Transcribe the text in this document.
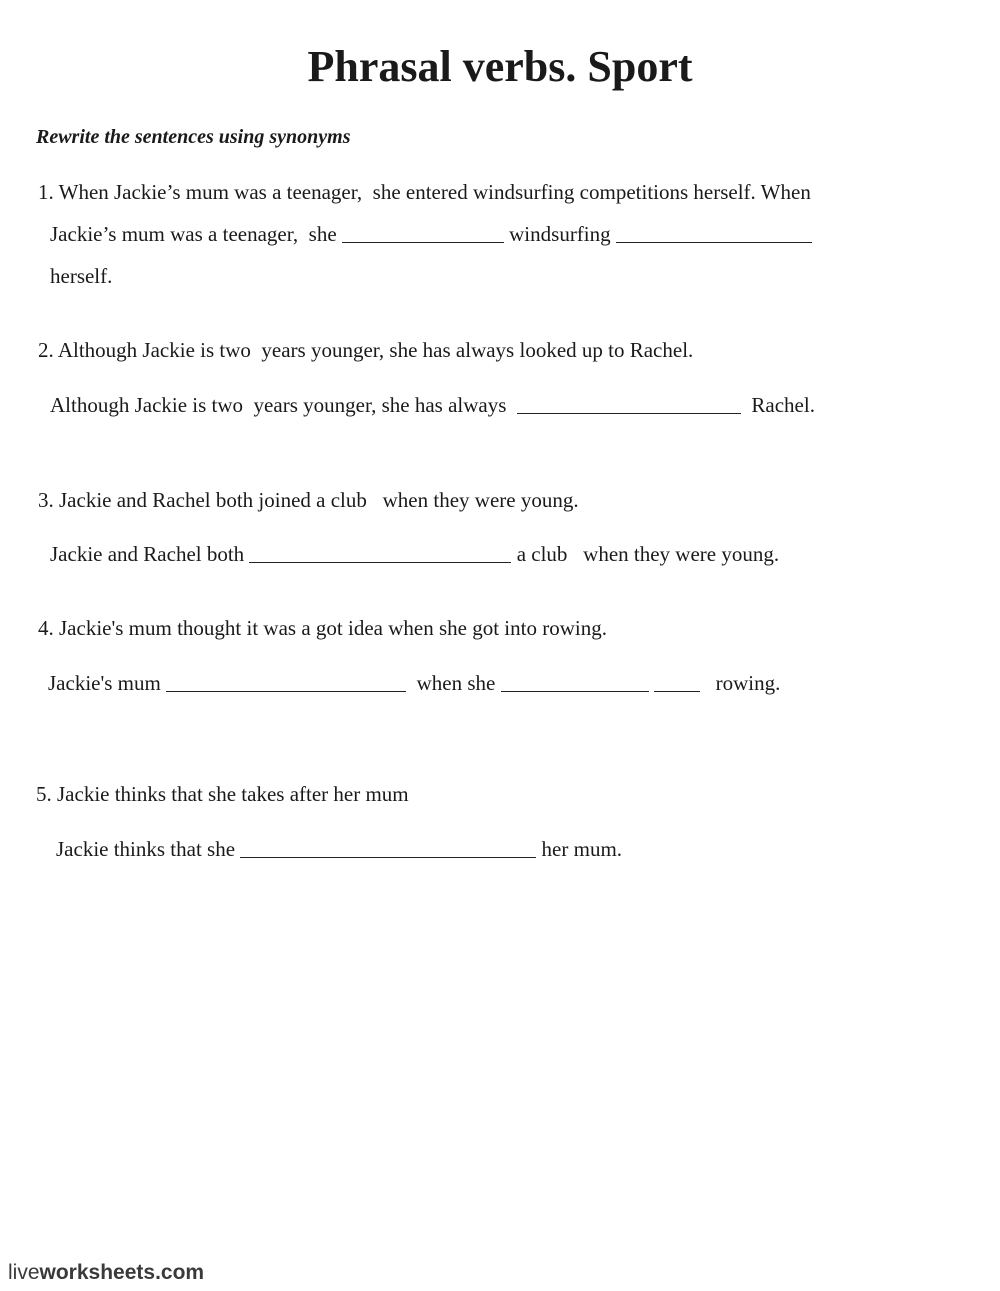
Phrasal verbs. Sport
Rewrite the sentences using synonyms
1. When Jackie’s mum was a teenager,  she entered windsurfing competitions herself. When
Jackie’s mum was a teenager,  she	windsurfing
herself.
2. Although Jackie is two  years younger, she has always looked up to Rachel.
Although Jackie is two  years younger, she has always	Rachel.
3. Jackie and Rachel both joined a club   when they were young.
Jackie and Rachel both	a club   when they were young.
4. Jackie's mum thought it was a got idea when she got into rowing.
Jackie's mum	when she	rowing.
5. Jackie thinks that she takes after her mum
Jackie thinks that she	her mum.
liveworksheets.com
